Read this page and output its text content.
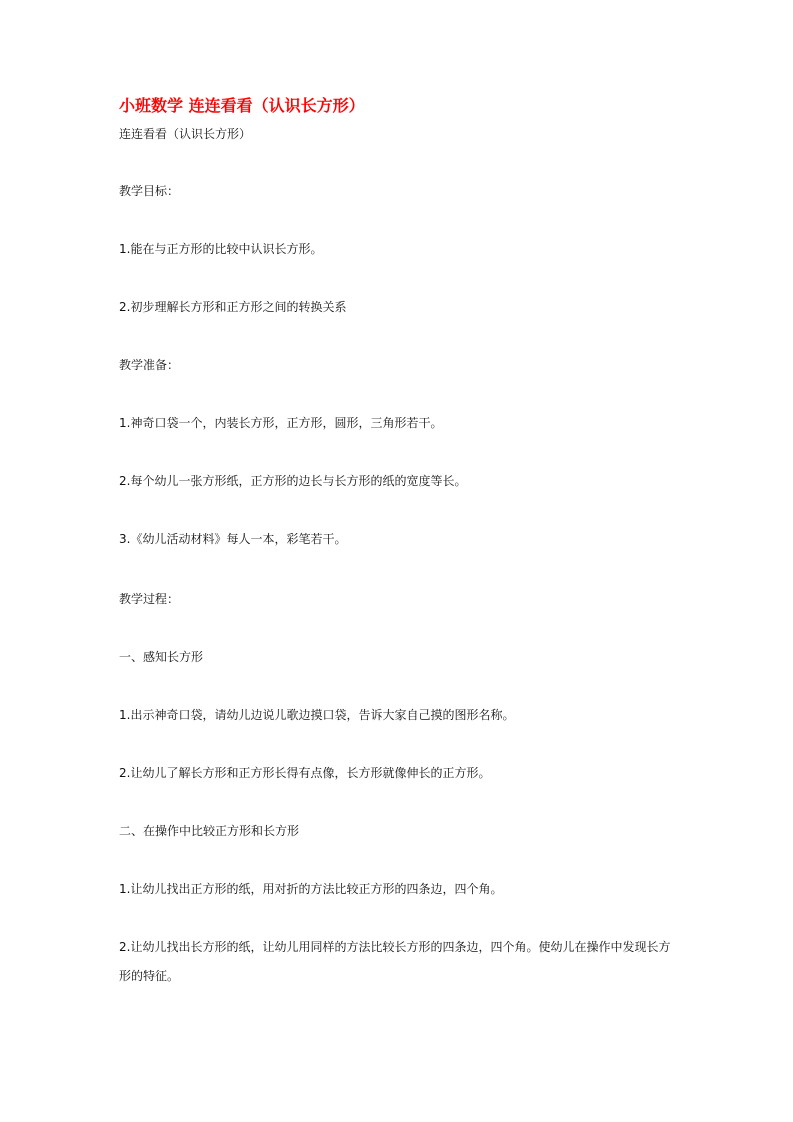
小班数学 连连看看（认识长方形）
连连看看（认识长方形）
教学目标：
1.能在与正方形的比较中认识长方形。
2.初步理解长方形和正方形之间的转换关系
教学准备：
1.神奇口袋一个，内装长方形，正方形，圆形，三角形若干。
2.每个幼儿一张方形纸，正方形的边长与长方形的纸的宽度等长。
3.《幼儿活动材料》每人一本，彩笔若干。
教学过程：
一、感知长方形
1.出示神奇口袋，请幼儿边说儿歌边摸口袋，告诉大家自己摸的图形名称。
2.让幼儿了解长方形和正方形长得有点像，长方形就像伸长的正方形。
二、在操作中比较正方形和长方形
1.让幼儿找出正方形的纸，用对折的方法比较正方形的四条边，四个角。
2.让幼儿找出长方形的纸，让幼儿用同样的方法比较长方形的四条边，四个角。使幼儿在操作中发现长方形的特征。
